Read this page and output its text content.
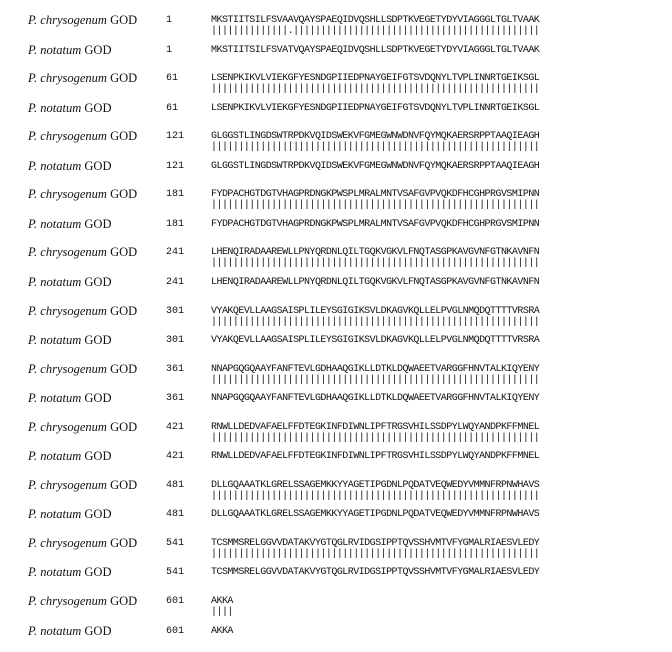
P. chrysogenum GOD	1	MKSTIITSILFSVAAVQAYSPAEQIDVQSHLLSDPTKVEGETYDYVIAGGGLTGLTVAAK
||||||||||||||.|||||||||||||||||||||||||||||||||||||||||||||
P. notatum GOD	1	MKSTIITSILFSVATVQAYSPAEQIDVQSHLLSDPTKVEGETYDYVIAGGGLTGLTVAAK
P. chrysogenum GOD	61	LSENPKIKVLVIEKGFYESNDGPIIEDPNAYGEIFGTSVDQNYLTVPLINNRTGEIKSGL
||||||||||||||||||||||||||||||||||||||||||||||||||||||||||||
P. notatum GOD	61	LSENPKIKVLVIEKGFYESNDGPIIEDPNAYGEIFGTSVDQNYLTVPLINNRTGEIKSGL
P. chrysogenum GOD	121	GLGGSTLINGDSWTRPDKVQIDSWEKVFGMEGWNWDNVFQYMQKAERSRPPTAAQIEAGH
||||||||||||||||||||||||||||||||||||||||||||||||||||||||||||
P. notatum GOD	121	GLGGSTLINGDSWTRPDKVQIDSWEKVFGMEGWNWDNVFQYMQKAERSRPPTAAQIEAGH
P. chrysogenum GOD	181	FYDPACHGTDGTVHAGPRDNGKPWSPLMRALMNTVSAFGVPVQKDFHCGHPRGVSMIPNN
||||||||||||||||||||||||||||||||||||||||||||||||||||||||||||
P. notatum GOD	181	FYDPACHGTDGTVHAGPRDNGKPWSPLMRALMNTVSAFGVPVQKDFHCGHPRGVSMIPNN
P. chrysogenum GOD	241	LHENQIRADAAREWLLPNYQRDNLQILTGQKVGKVLFNQTASGPKAVGVNFGTNKAVNFN
||||||||||||||||||||||||||||||||||||||||||||||||||||||||||||
P. notatum GOD	241	LHENQIRADAAREWLLPNYQRDNLQILTGQKVGKVLFNQTASGPKAVGVNFGTNKAVNFN
P. chrysogenum GOD	301	VYAKQEVLLAAGSAISPLILEYSGIGIKSVLDKAGVKQLLELPVGLNMQDQTTTTVRSRA
||||||||||||||||||||||||||||||||||||||||||||||||||||||||||||
P. notatum GOD	301	VYAKQEVLLAAGSAISPLILEYSGIGIKSVLDKAGVKQLLELPVGLNMQDQTTTTVRSRA
P. chrysogenum GOD	361	NNAPGQGQAAYFANFTEVLGDHAAQGIKLLDTKLDQWAEETVARGGFHNVTALKIQYENY
||||||||||||||||||||||||||||||||||||||||||||||||||||||||||||
P. notatum GOD	361	NNAPGQGQAAYFANFTEVLGDHAAQGIKLLDTKLDQWAEETVARGGFHNVTALKIQYENY
P. chrysogenum GOD	421	RNWLLDEDVAFAELFFDTEGKINFDIWNLIPFTRGSVHILSSDPYLWQYANDPKFFMNEL
||||||||||||||||||||||||||||||||||||||||||||||||||||||||||||
P. notatum GOD	421	RNWLLDEDVAFAELFFDTEGKINFDIWNLIPFTRGSVHILSSDPYLWQYANDPKFFMNEL
P. chrysogenum GOD	481	DLLGQAAATKLGRELSSAGEMKKYYAGETIPGDNLPQDATVEQWEDYVMMNFRPNWHAVS
||||||||||||||||||||||||||||||||||||||||||||||||||||||||||||
P. notatum GOD	481	DLLGQAAATKLGRELSSAGEMKKYYAGETIPGDNLPQDATVEQWEDYVMMNFRPNWHAVS
P. chrysogenum GOD	541	TCSMMSRELGGVVDATAKVYGTQGLRVIDGSIPPTQVSSHVMTVFYGMALRIAESVLEDY
||||||||||||||||||||||||||||||||||||||||||||||||||||||||||||
P. notatum GOD	541	TCSMMSRELGGVVDATAKVYGTQGLRVIDGSIPPTQVSSHVMTVFYGMALRIAESVLEDY
P. chrysogenum GOD	601	AKKA
||||
P. notatum GOD	601	AKKA
